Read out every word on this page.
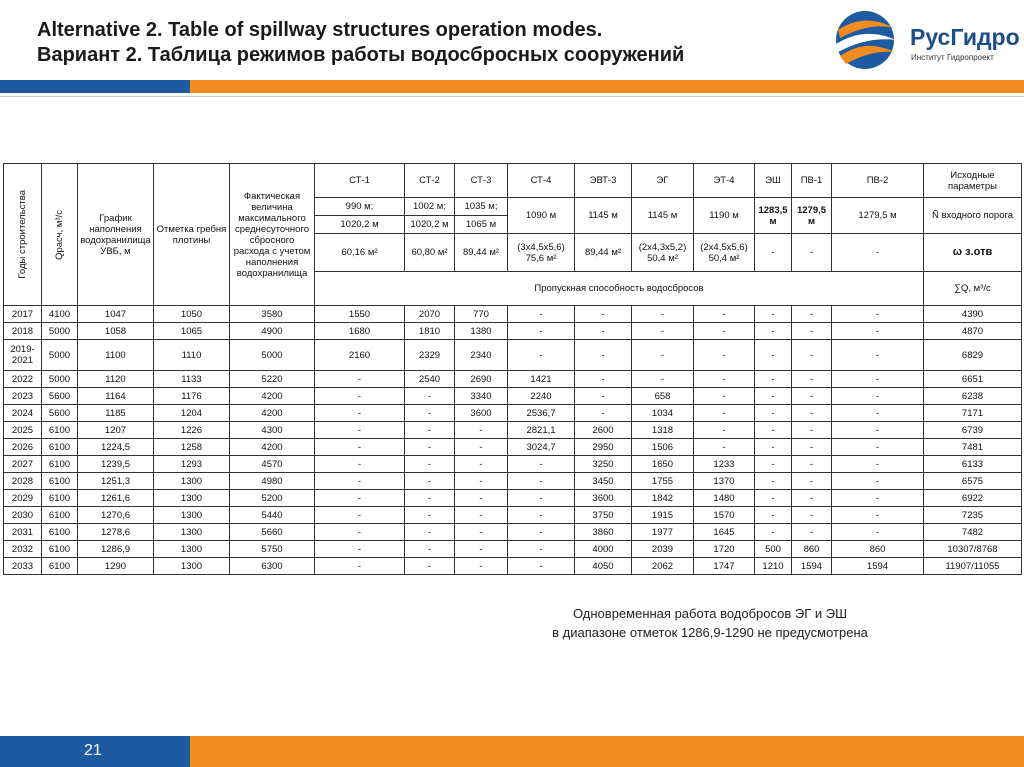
Alternative 2. Table of spillway structures operation modes.
Вариант 2. Таблица режимов работы водосбросных сооружений
РусГидро
Институт Гидропроект
Годы строительства	Qрасч, м³/с	График наполнения водохранилища УВБ, м	Отметка гребня плотины	Фактическая величина максимального среднесуточного сбросного расхода с учетом наполнения водохранилища	СТ-1	СТ-2	СТ-3	СТ-4	ЭВТ-3	ЭГ	ЭТ-4	ЭШ	ПВ-1	ПВ-2	Исходные параметры
					990 м;	1002 м;	1035 м;	1090 м	1145 м	1145 м	1190 м	1283,5 м	1279,5 м	1279,5 м	Ñ входного порога
					1020,2 м	1020,2 м	1065 м								
					60,16 м²	60,80 м²	89,44 м²	(3х4,5х5,6) 75,6 м²	89,44 м²	(2х4,3х5,2) 50,4 м²	(2х4,5х5,6) 50,4 м²	-	-	-	ω з.отв
					Пропускная способность водосбросов										∑Q, м³/с
2017	4100	1047	1050	3580	1550	2070	770	-	-	-	-	-	-	-	4390
2018	5000	1058	1065	4900	1680	1810	1380	-	-	-	-	-	-	-	4870
2019-2021	5000	1100	1110	5000	2160	2329	2340	-	-	-	-	-	-	-	6829
2022	5000	1120	1133	5220	-	2540	2690	1421	-	-	-	-	-	-	6651
2023	5600	1164	1176	4200	-	-	3340	2240	-	658	-	-	-	-	6238
2024	5600	1185	1204	4200	-	-	3600	2536,7	-	1034	-	-	-	-	7171
2025	6100	1207	1226	4300	-	-	-	2821,1	2600	1318	-	-	-	-	6739
2026	6100	1224,5	1258	4200	-	-	-	3024,7	2950	1506	-	-	-	-	7481
2027	6100	1239,5	1293	4570	-	-	-	-	3250	1650	1233	-	-	-	6133
2028	6100	1251,3	1300	4980	-	-	-	-	3450	1755	1370	-	-	-	6575
2029	6100	1261,6	1300	5200	-	-	-	-	3600	1842	1480	-	-	-	6922
2030	6100	1270,6	1300	5440	-	-	-	-	3750	1915	1570	-	-	-	7235
2031	6100	1278,6	1300	5660	-	-	-	-	3860	1977	1645	-	-	-	7482
2032	6100	1286,9	1300	5750	-	-	-	-	4000	2039	1720	500	860	860	10307/8768
2033	6100	1290	1300	6300	-	-	-	-	4050	2062	1747	1210	1594	1594	11907/11055
Одновременная работа водобросов ЭГ и ЭШ
в диапазоне отметок 1286,9-1290 не предусмотрена
21
